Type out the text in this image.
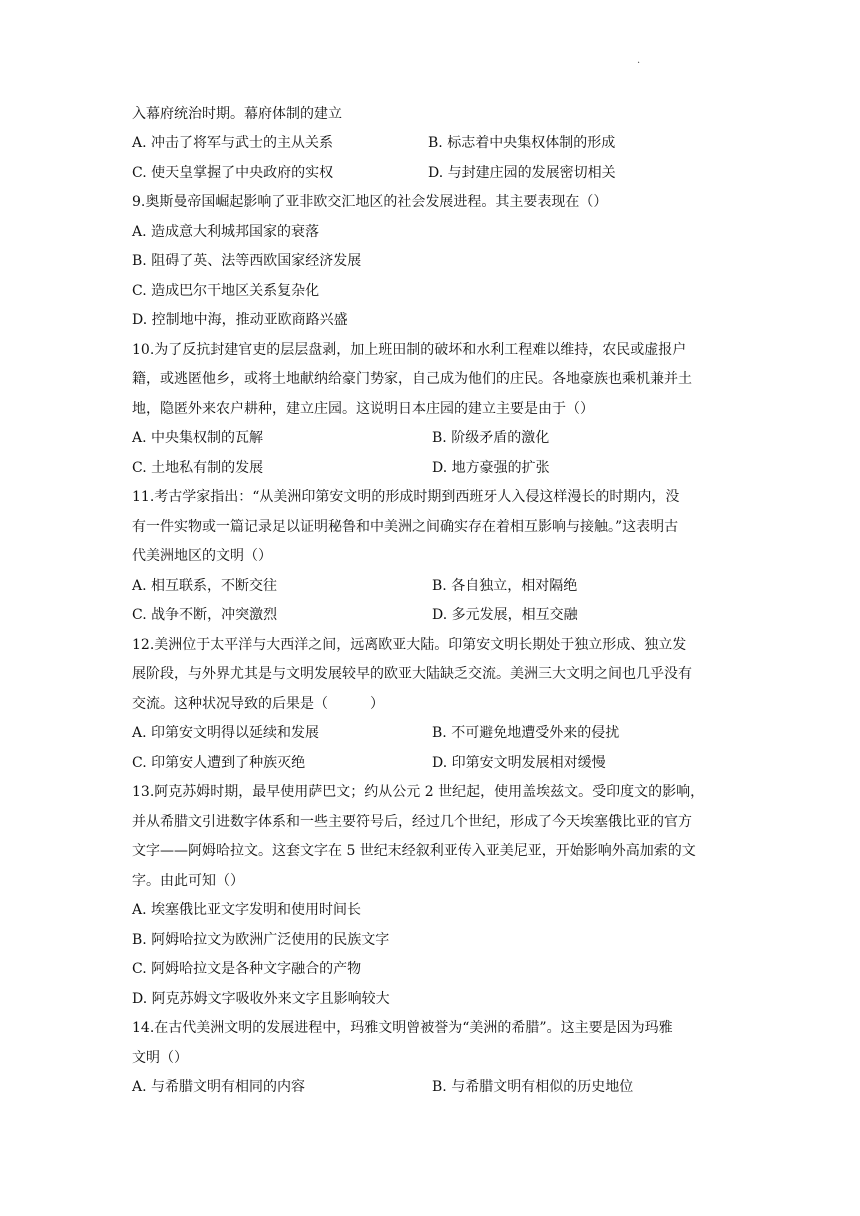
·
入幕府统治时期。幕府体制的建立
A. 冲击了将军与武士的主从关系	B. 标志着中央集权体制的形成
C. 使天皇掌握了中央政府的实权	D. 与封建庄园的发展密切相关
9.奥斯曼帝国崛起影响了亚非欧交汇地区的社会发展进程。其主要表现在（）
A. 造成意大利城邦国家的衰落
B. 阻碍了英、法等西欧国家经济发展
C. 造成巴尔干地区关系复杂化
D. 控制地中海，推动亚欧商路兴盛
10.为了反抗封建官吏的层层盘剥，加上班田制的破坏和水利工程难以维持，农民或虚报户
籍，或逃匿他乡，或将土地献纳给豪门势家，自己成为他们的庄民。各地豪族也乘机兼并土
地，隐匿外来农户耕种，建立庄园。这说明日本庄园的建立主要是由于（）
A. 中央集权制的瓦解	B. 阶级矛盾的激化
C. 土地私有制的发展	D. 地方豪强的扩张
11.考古学家指出：“从美洲印第安文明的形成时期到西班牙人入侵这样漫长的时期内，没
有一件实物或一篇记录足以证明秘鲁和中美洲之间确实存在着相互影响与接触。”这表明古
代美洲地区的文明（）
A. 相互联系，不断交往	B. 各自独立，相对隔绝
C. 战争不断，冲突激烈	D. 多元发展，相互交融
12.美洲位于太平洋与大西洋之间，远离欧亚大陆。印第安文明长期处于独立形成、独立发
展阶段，与外界尤其是与文明发展较早的欧亚大陆缺乏交流。美洲三大文明之间也几乎没有
交流。这种状况导致的后果是（　　　）
A. 印第安文明得以延续和发展	B. 不可避免地遭受外来的侵扰
C. 印第安人遭到了种族灭绝	D. 印第安文明发展相对缓慢
13.阿克苏姆时期，最早使用萨巴文；约从公元 2 世纪起，使用盖埃兹文。受印度文的影响，
并从希腊文引进数字体系和一些主要符号后，经过几个世纪，形成了今天埃塞俄比亚的官方
文字——阿姆哈拉文。这套文字在 5 世纪末经叙利亚传入亚美尼亚，开始影响外高加索的文
字。由此可知（）
A. 埃塞俄比亚文字发明和使用时间长
B. 阿姆哈拉文为欧洲广泛使用的民族文字
C. 阿姆哈拉文是各种文字融合的产物
D. 阿克苏姆文字吸收外来文字且影响较大
14.在古代美洲文明的发展进程中，玛雅文明曾被誉为“美洲的希腊”。这主要是因为玛雅
文明（）
A. 与希腊文明有相同的内容	B. 与希腊文明有相似的历史地位
